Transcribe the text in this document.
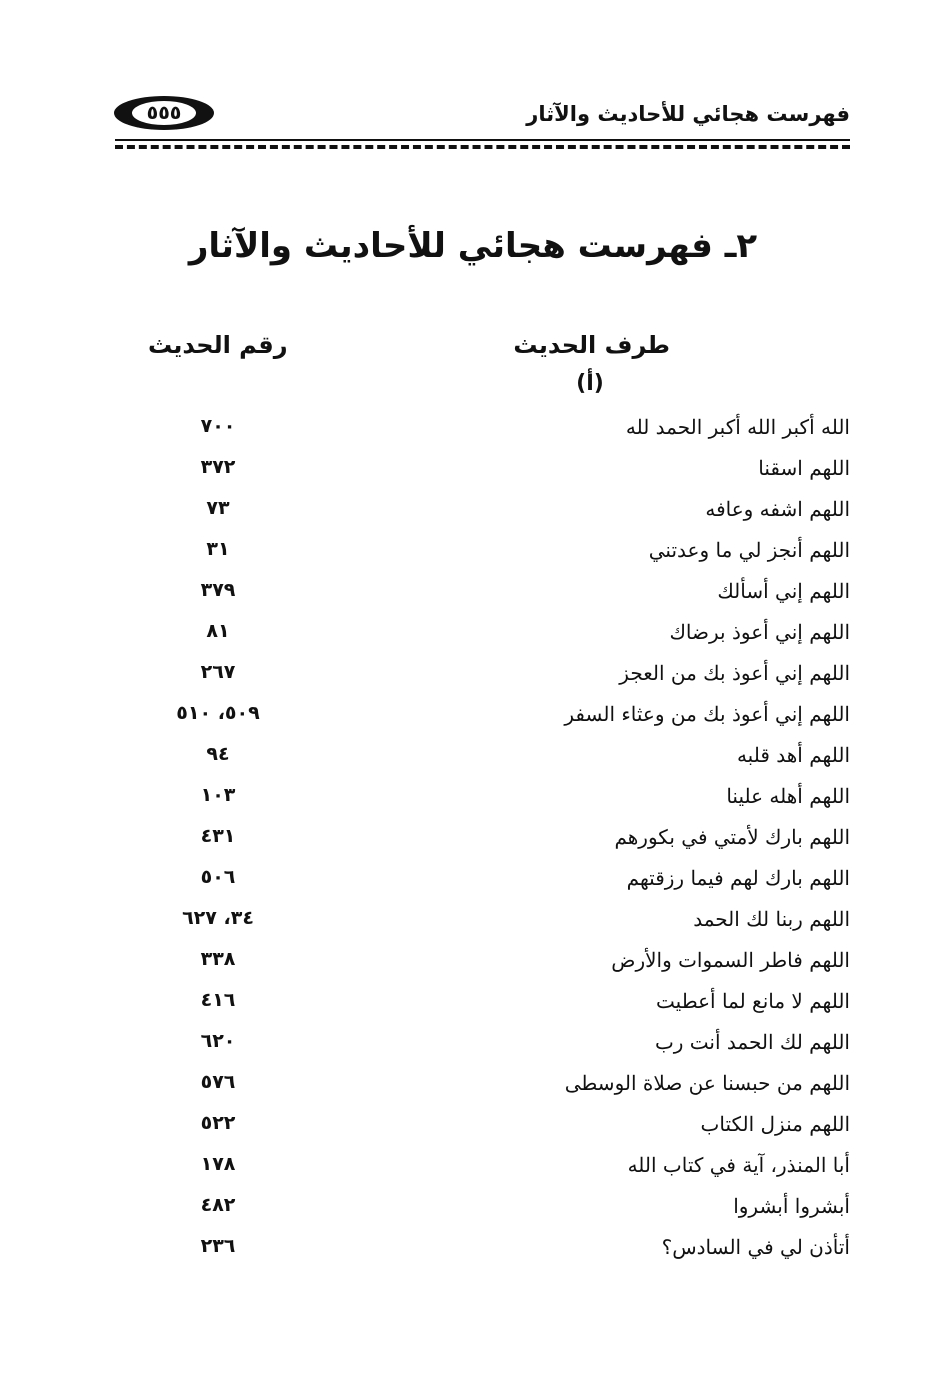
٥٥٥	فهرست هجائي للأحاديث والآثار
٢ـ فهرست هجائي للأحاديث والآثار
طرف الحديث
رقم الحديث
(أ)
الله أكبر الله أكبر الحمد لله
٧٠٠
اللهم اسقنا
٣٧٢
اللهم اشفه وعافه
٧٣
اللهم أنجز لي ما وعدتني
٣١
اللهم إني أسألك
٣٧٩
اللهم إني أعوذ برضاك
٨١
اللهم إني أعوذ بك من العجز
٢٦٧
اللهم إني أعوذ بك من وعثاء السفر
٥٠٩، ٥١٠
اللهم أهد قلبه
٩٤
اللهم أهله علينا
١٠٣
اللهم بارك لأمتي في بكورهم
٤٣١
اللهم بارك لهم فيما رزقتهم
٥٠٦
اللهم ربنا لك الحمد
٣٤، ٦٢٧
اللهم فاطر السموات والأرض
٣٣٨
اللهم لا مانع لما أعطيت
٤١٦
اللهم لك الحمد أنت رب
٦٢٠
اللهم من حبسنا عن صلاة الوسطى
٥٧٦
اللهم منزل الكتاب
٥٢٢
أبا المنذر، آية في كتاب الله
١٧٨
أبشروا أبشروا
٤٨٢
أتأذن لي في السادس؟
٢٣٦
